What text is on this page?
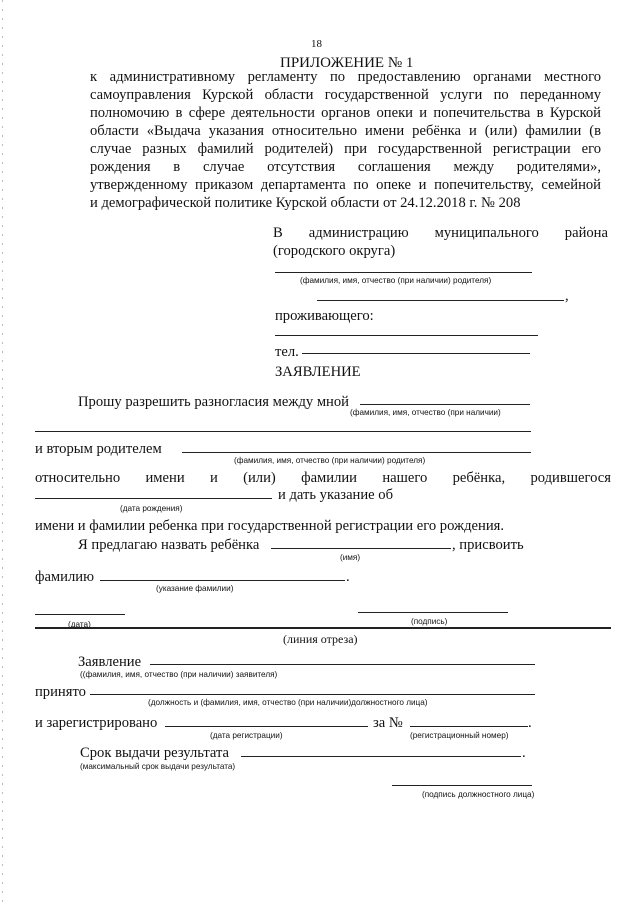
18
ПРИЛОЖЕНИЕ № 1
к административному регламенту по предоставлению органами местного
самоуправления Курской области государственной услуги по переданному
полномочию в сфере деятельности органов опеки и попечительства в Курской
области «Выдача указания относительно имени ребёнка и (или) фамилии (в
случае разных фамилий родителей) при государственной регистрации его
рождения в случае отсутствия соглашения между родителями»,
утвержденному приказом департамента по опеке и попечительству, семейной
и демографической политике Курской области от 24.12.2018 г. № 208
В администрацию муниципального района
(городского округа)
(фамилия, имя, отчество (при наличии) родителя)
,
проживающего:
тел.
ЗАЯВЛЕНИЕ
Прошу разрешить разногласия между мной
(фамилия, имя, отчество (при наличии)
и вторым родителем
(фамилия, имя, отчество (при наличии) родителя)
относительно имени и (или) фамилии нашего ребёнка, родившегося
и дать указание об
(дата рождения)
имени и фамилии ребенка при государственной регистрации его рождения.
Я предлагаю назвать ребёнка	, присвоить
(имя)
фамилию	.
(указание фамилии)
(подпись)
(дата)
(линия отреза)
Заявление
((фамилия, имя, отчество (при наличии) заявителя)
принято
(должность и (фамилия, имя, отчество (при наличии)должностного лица)
и зарегистрировано	за №	.
(дата регистрации)	(регистрационный номер)
Срок выдачи результата	.
(максимальный срок выдачи результата)
(подпись должностного лица)
